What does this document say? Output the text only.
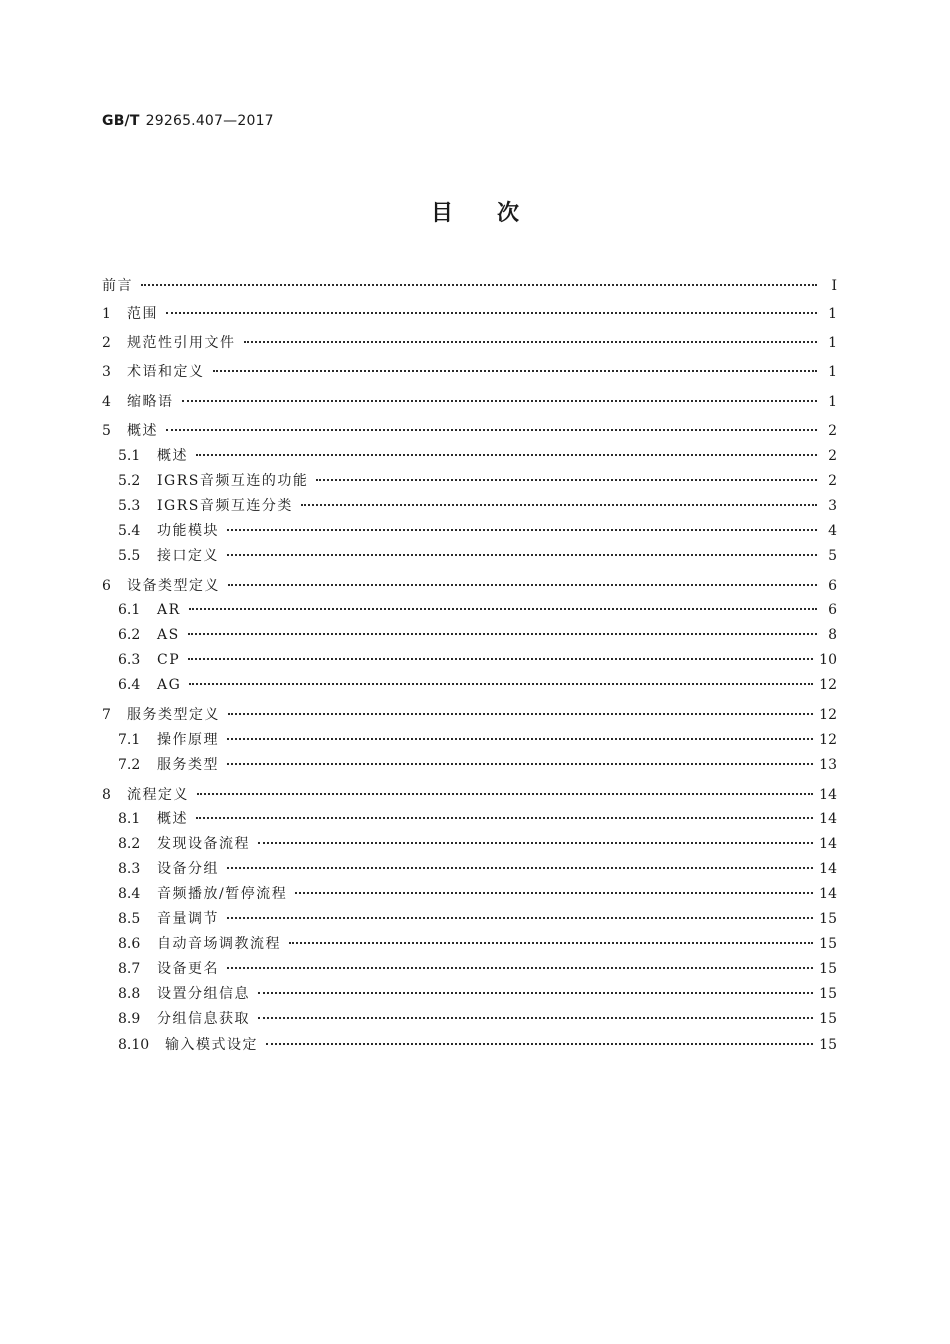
GB/T 29265.407—2017
目次
前言	Ⅰ
1	范围	1
2	规范性引用文件	1
3	术语和定义	1
4	缩略语	1
5	概述	2
5.1	概述	2
5.2	IGRS音频互连的功能	2
5.3	IGRS音频互连分类	3
5.4	功能模块	4
5.5	接口定义	5
6	设备类型定义	6
6.1	AR	6
6.2	AS	8
6.3	CP	10
6.4	AG	12
7	服务类型定义	12
7.1	操作原理	12
7.2	服务类型	13
8	流程定义	14
8.1	概述	14
8.2	发现设备流程	14
8.3	设备分组	14
8.4	音频播放/暂停流程	14
8.5	音量调节	15
8.6	自动音场调教流程	15
8.7	设备更名	15
8.8	设置分组信息	15
8.9	分组信息获取	15
8.10	输入模式设定	15
